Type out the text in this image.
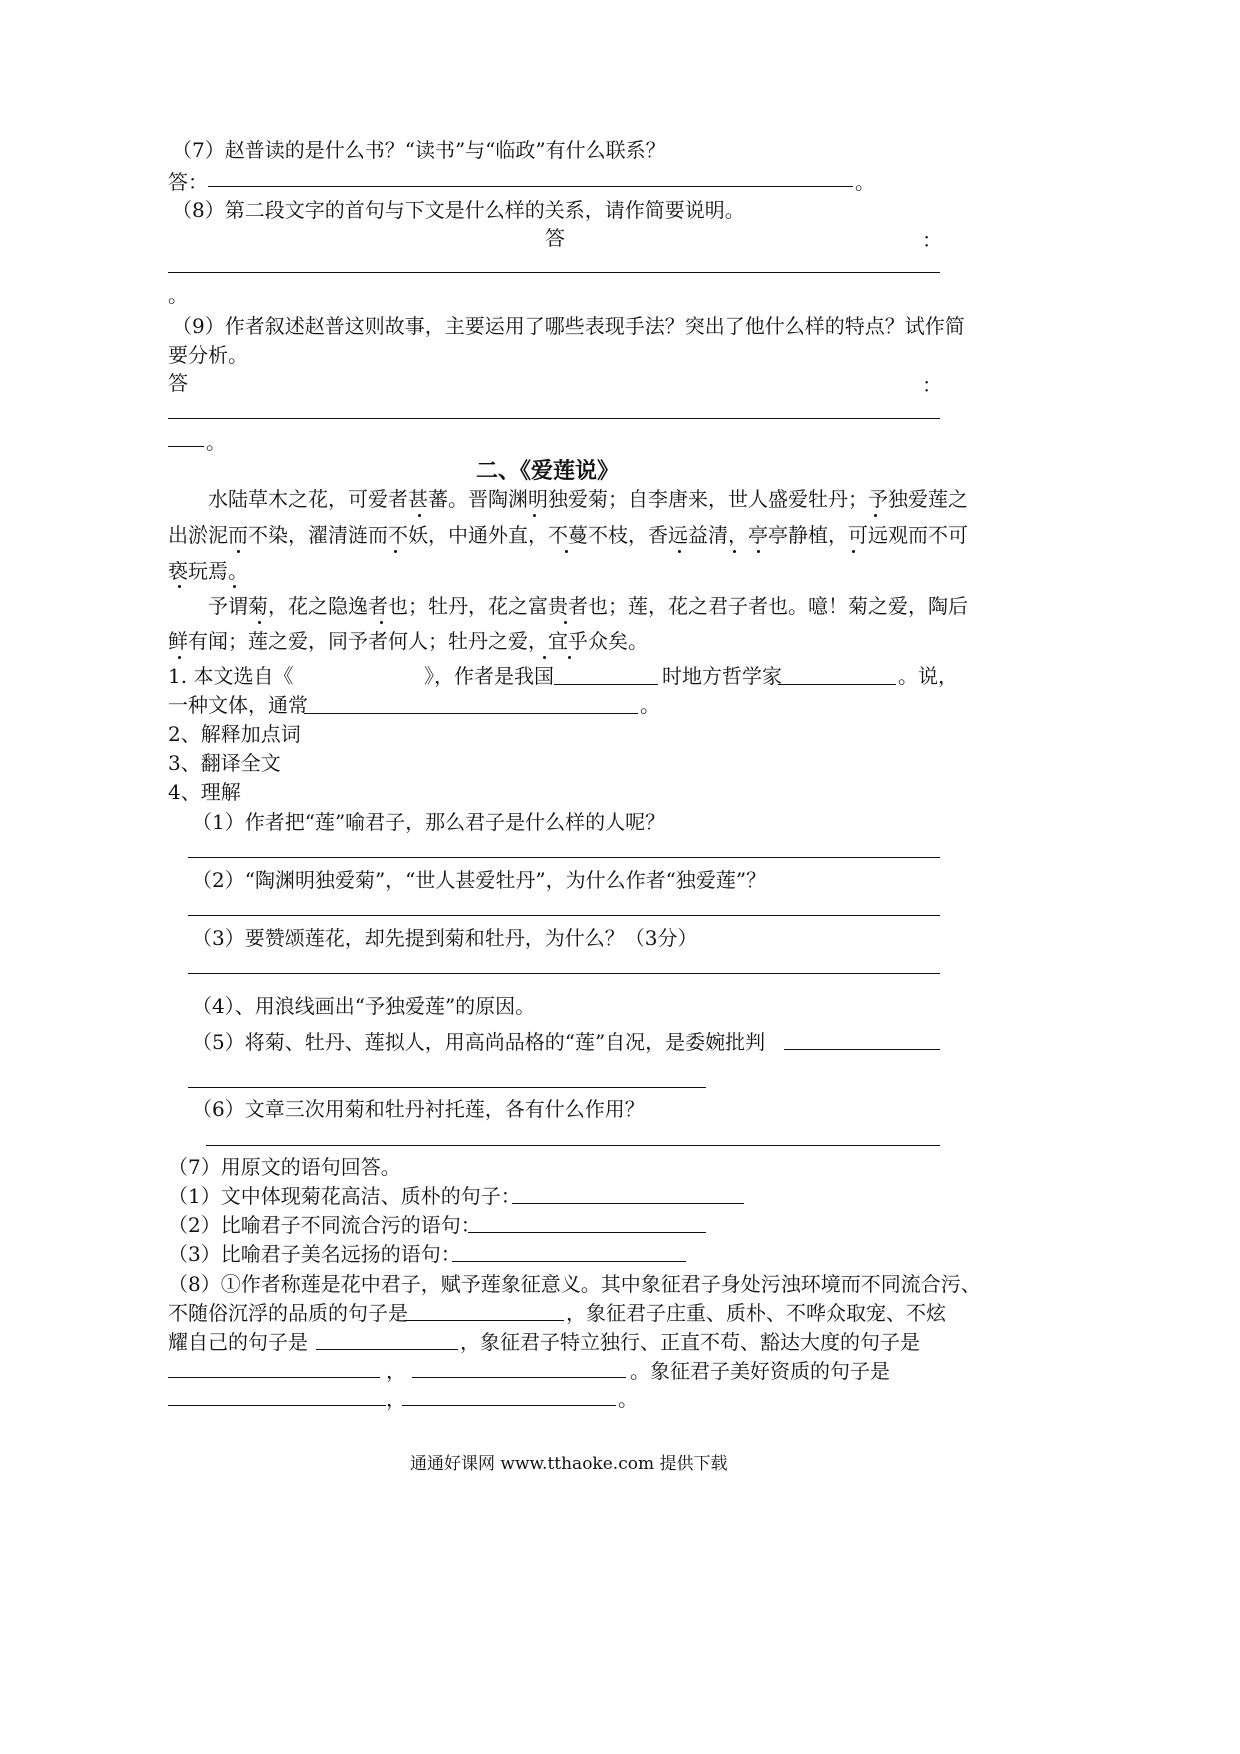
（7）赵普读的是什么书？“读书”与“临政”有什么联系？
答：	。
（8）第二段文字的首句与下文是什么样的关系，请作简要说明。
答	：
。
（9）作者叙述赵普这则故事，主要运用了哪些表现手法？突出了他什么样的特点？试作简
要分析。
答	：
。
二、《爱莲说》
水陆草木之花，可爱者甚蕃。晋陶渊明独爱菊；自李唐来，世人盛爱牡丹；予独爱莲之
出淤泥而不染，濯清涟而不妖，中通外直，不蔓不枝，香远益清，亭亭静植，可远观而不可
亵玩焉。
予谓菊，花之隐逸者也；牡丹，花之富贵者也；莲，花之君子者也。噫！菊之爱，陶后
鲜有闻；莲之爱，同予者何人；牡丹之爱，宜乎众矣。
1. 本文选自《	》，作者是我国	时地方哲学家	。说，
一种文体，通常	。
2、解释加点词
3、翻译全文
4、理解
（1）作者把“莲”喻君子，那么君子是什么样的人呢？
（2）“陶渊明独爱菊”，“世人甚爱牡丹”，为什么作者“独爱莲”？
（3）要赞颂莲花，却先提到菊和牡丹，为什么？（3分）
（4）、用浪线画出“予独爱莲”的原因。
（5）将菊、牡丹、莲拟人，用高尚品格的“莲”自况，是委婉批判
（6）文章三次用菊和牡丹衬托莲，各有什么作用？
（7）用原文的语句回答。
（1）文中体现菊花高洁、质朴的句子：
（2）比喻君子不同流合污的语句：
（3）比喻君子美名远扬的语句：
（8）①作者称莲是花中君子，赋予莲象征意义。其中象征君子身处污浊环境而不同流合污、
不随俗沉浮的品质的句子是	，象征君子庄重、质朴、不哗众取宠、不炫
耀自己的句子是	，象征君子特立独行、正直不苟、豁达大度的句子是
，	。象征君子美好资质的句子是
，	。
通通好课网 www.tthaoke.com 提供下载
